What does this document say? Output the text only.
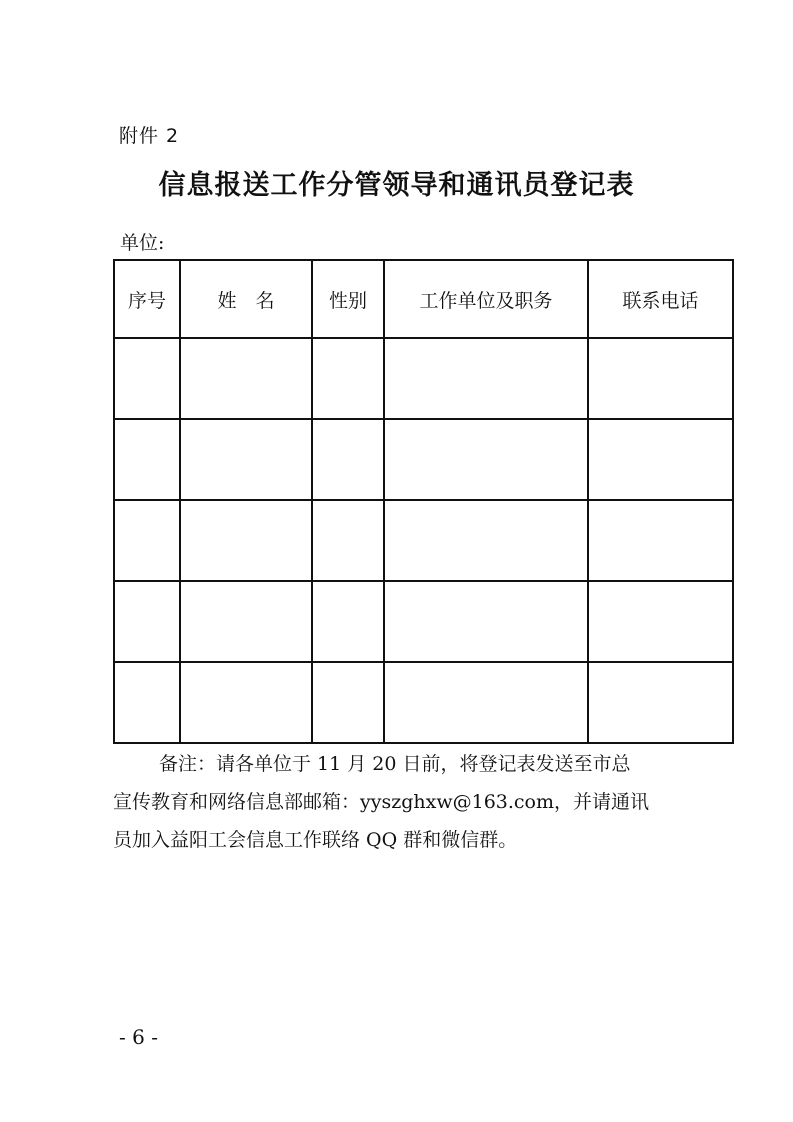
附件 2
信息报送工作分管领导和通讯员登记表
单位:
序号	姓　名	性别	工作单位及职务	联系电话

备注：请各单位于 11 月 20 日前，将登记表发送至市总

宣传教育和网络信息部邮箱：yyszghxw@163.com，并请通讯

员加入益阳工会信息工作联络 QQ 群和微信群。

- 6 -
